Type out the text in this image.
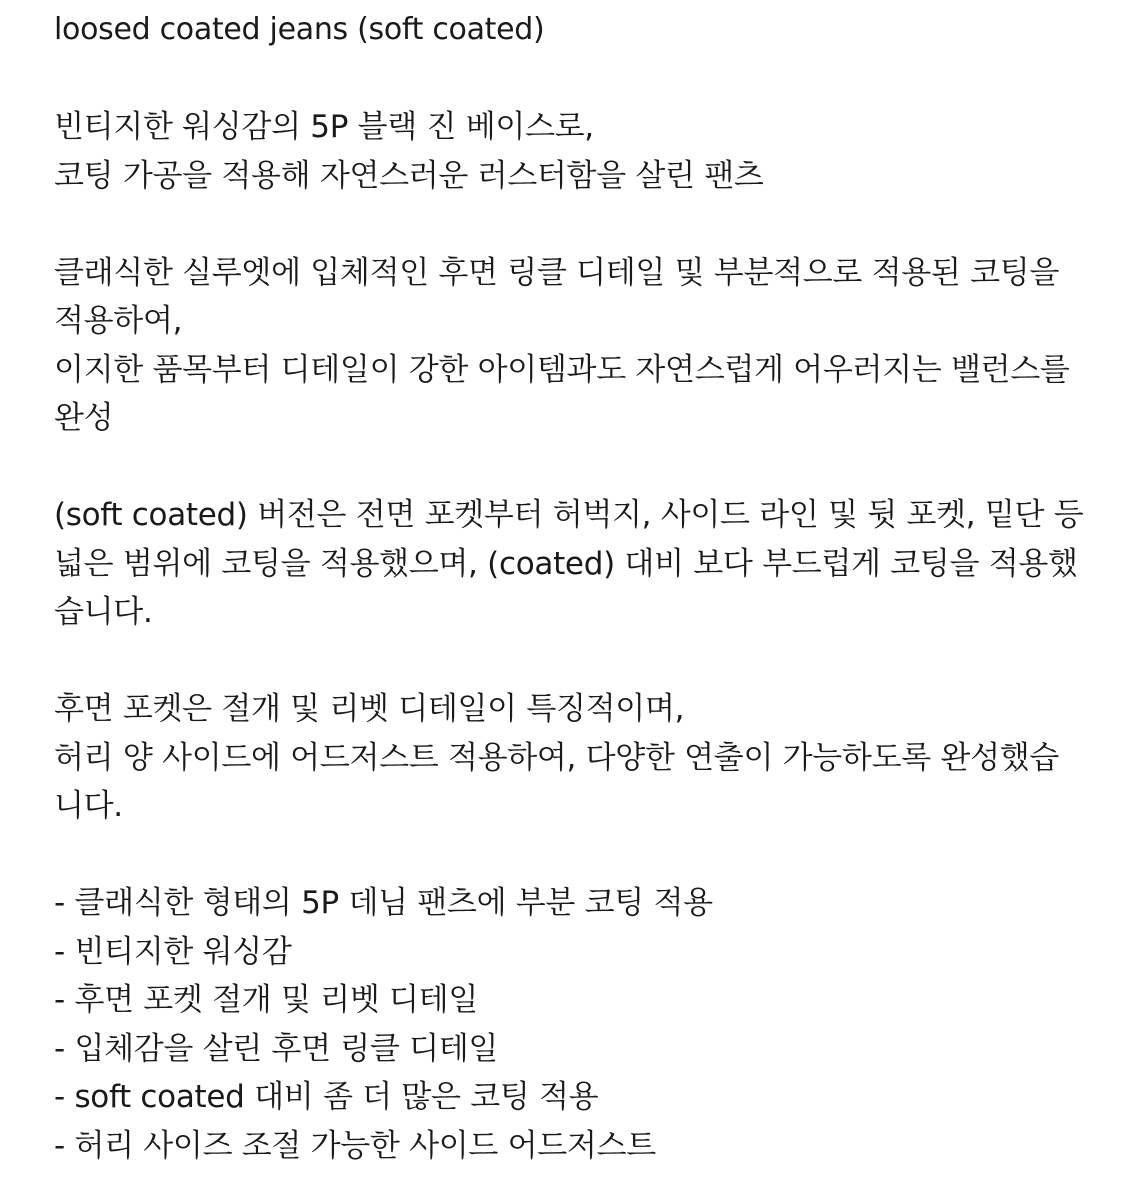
loosed coated jeans (soft coated)
빈티지한 워싱감의 5P 블랙 진 베이스로,
코팅 가공을 적용해 자연스러운 러스터함을 살린 팬츠
클래식한 실루엣에 입체적인 후면 링클 디테일 및 부분적으로 적용된 코팅을
적용하여,
이지한 품목부터 디테일이 강한 아이템과도 자연스럽게 어우러지는 밸런스를
완성
(soft coated) 버전은 전면 포켓부터 허벅지, 사이드 라인 및 뒷 포켓, 밑단 등
넓은 범위에 코팅을 적용했으며, (coated) 대비 보다 부드럽게 코팅을 적용했
습니다.
후면 포켓은 절개 및 리벳 디테일이 특징적이며,
허리 양 사이드에 어드저스트 적용하여, 다양한 연출이 가능하도록 완성했습
니다.
- 클래식한 형태의 5P 데님 팬츠에 부분 코팅 적용
- 빈티지한 워싱감
- 후면 포켓 절개 및 리벳 디테일
- 입체감을 살린 후면 링클 디테일
- soft coated 대비 좀 더 많은 코팅 적용
- 허리 사이즈 조절 가능한 사이드 어드저스트
